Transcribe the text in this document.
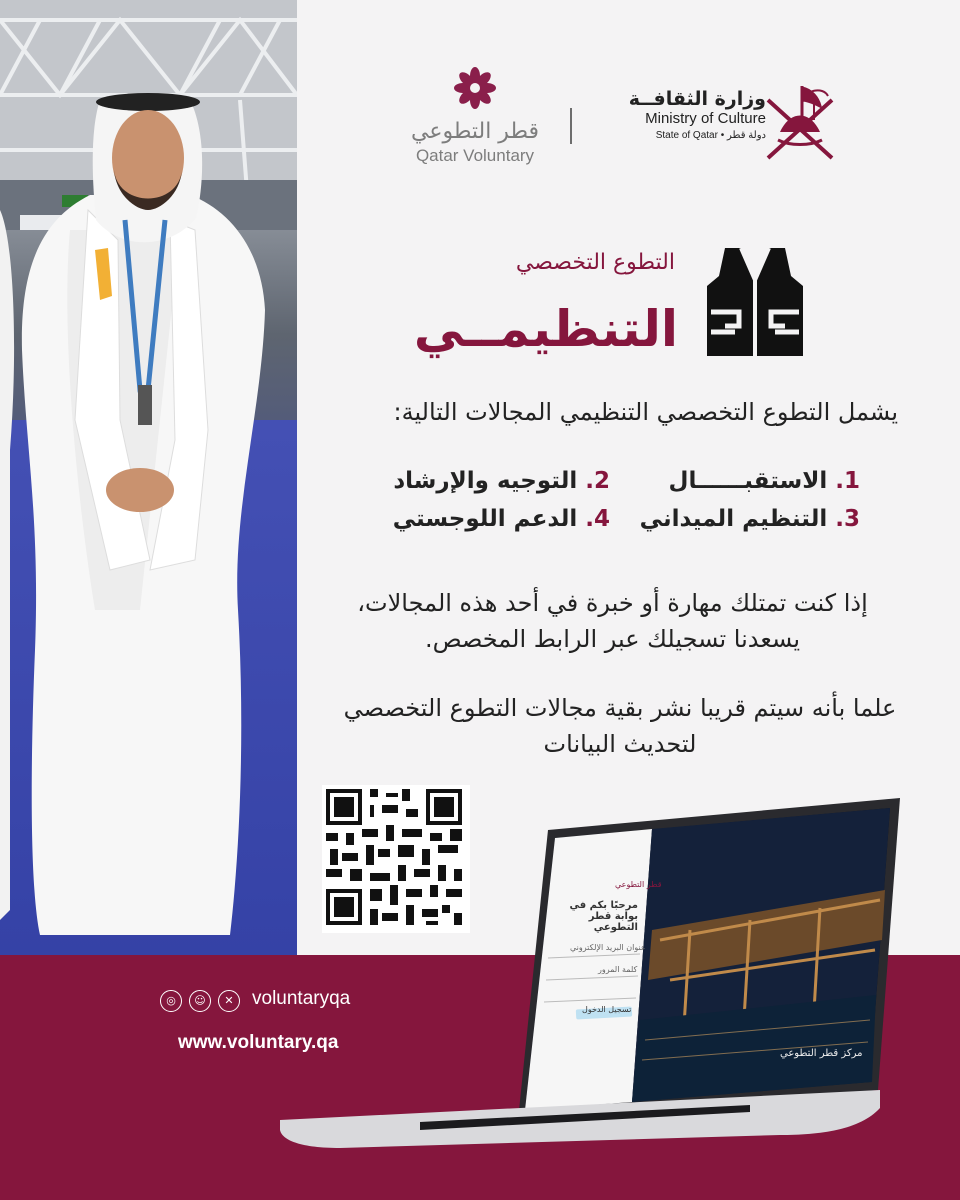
قطر التطوعي
Qatar Voluntary
وزارة الثقافــة
Ministry of Culture
State of Qatar • دولة قطر
التطوع التخصصي
التنظيمــي
يشمل التطوع التخصصي التنظيمي المجالات التالية:
1. الاستقبــــــال
2. التوجيه والإرشاد
3. التنظيم الميداني
4. الدعم اللوجستي
إذا كنت تمتلك مهارة أو خبرة في أحد هذه المجالات،
يسعدنا تسجيلك عبر الرابط المخصص.
علما بأنه سيتم قريبا نشر بقية مجالات التطوع التخصصي
لتحديث البيانات
◎	☺	✕ voluntaryqa
www.voluntary.qa
قطر التطوعي
مرحبًا بكم في بوابة قطر التطوعي
عنوان البريد الإلكتروني
كلمة المرور
تسجيل الدخول
مركز قطر التطوعي
